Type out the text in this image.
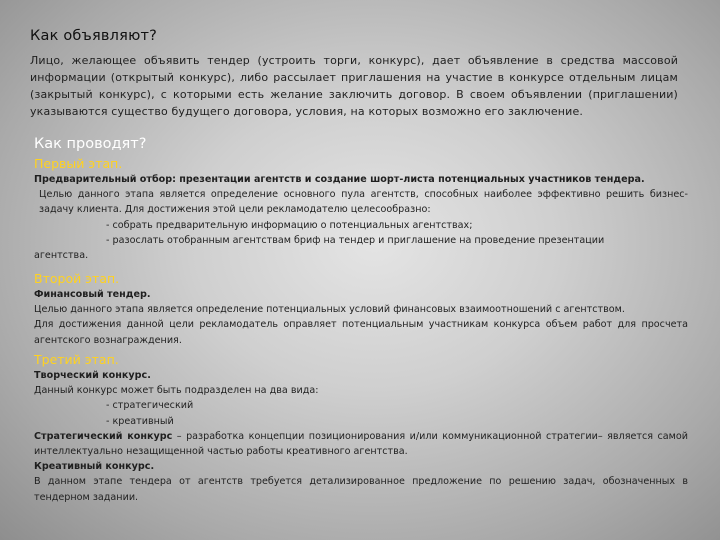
Как объявляют?
Лицо, желающее объявить тендер (устроить торги, конкурс), дает объявление в средства массовой информации (открытый конкурс), либо рассылает приглашения на участие в конкурсе отдельным лицам (закрытый конкурс), с которыми есть желание заключить договор. В своем объявлении (приглашении) указываются существо будущего договора, условия, на которых возможно его заключение.
Как проводят?
Первый этап.
Предварительный отбор: презентации агентств и создание шорт-листа потенциальных участников тендера.
Целью данного этапа является определение основного пула агентств, способных наиболее эффективно решить бизнес-задачу клиента. Для достижения этой цели рекламодателю целесообразно:
- собрать предварительную информацию о потенциальных агентствах;
- разослать отобранным агентствам бриф на тендер и приглашение на проведение презентации
агентства.
Второй этап.
Финансовый тендер.
Целью данного этапа является определение потенциальных условий финансовых взаимоотношений с агентством.
Для достижения данной цели рекламодатель оправляет потенциальным участникам конкурса объем работ для просчета агентского вознаграждения.
Третий этап.
Творческий конкурс.
Данный конкурс может быть подразделен на два вида:
- стратегический
- креативный
Стратегический конкурс – разработка концепции позиционирования и/или коммуникационной стратегии– является самой интеллектуально незащищенной частью работы креативного агентства.
Креативный конкурс.
В данном этапе тендера от агентств требуется детализированное предложение по решению задач, обозначенных в тендерном задании.
